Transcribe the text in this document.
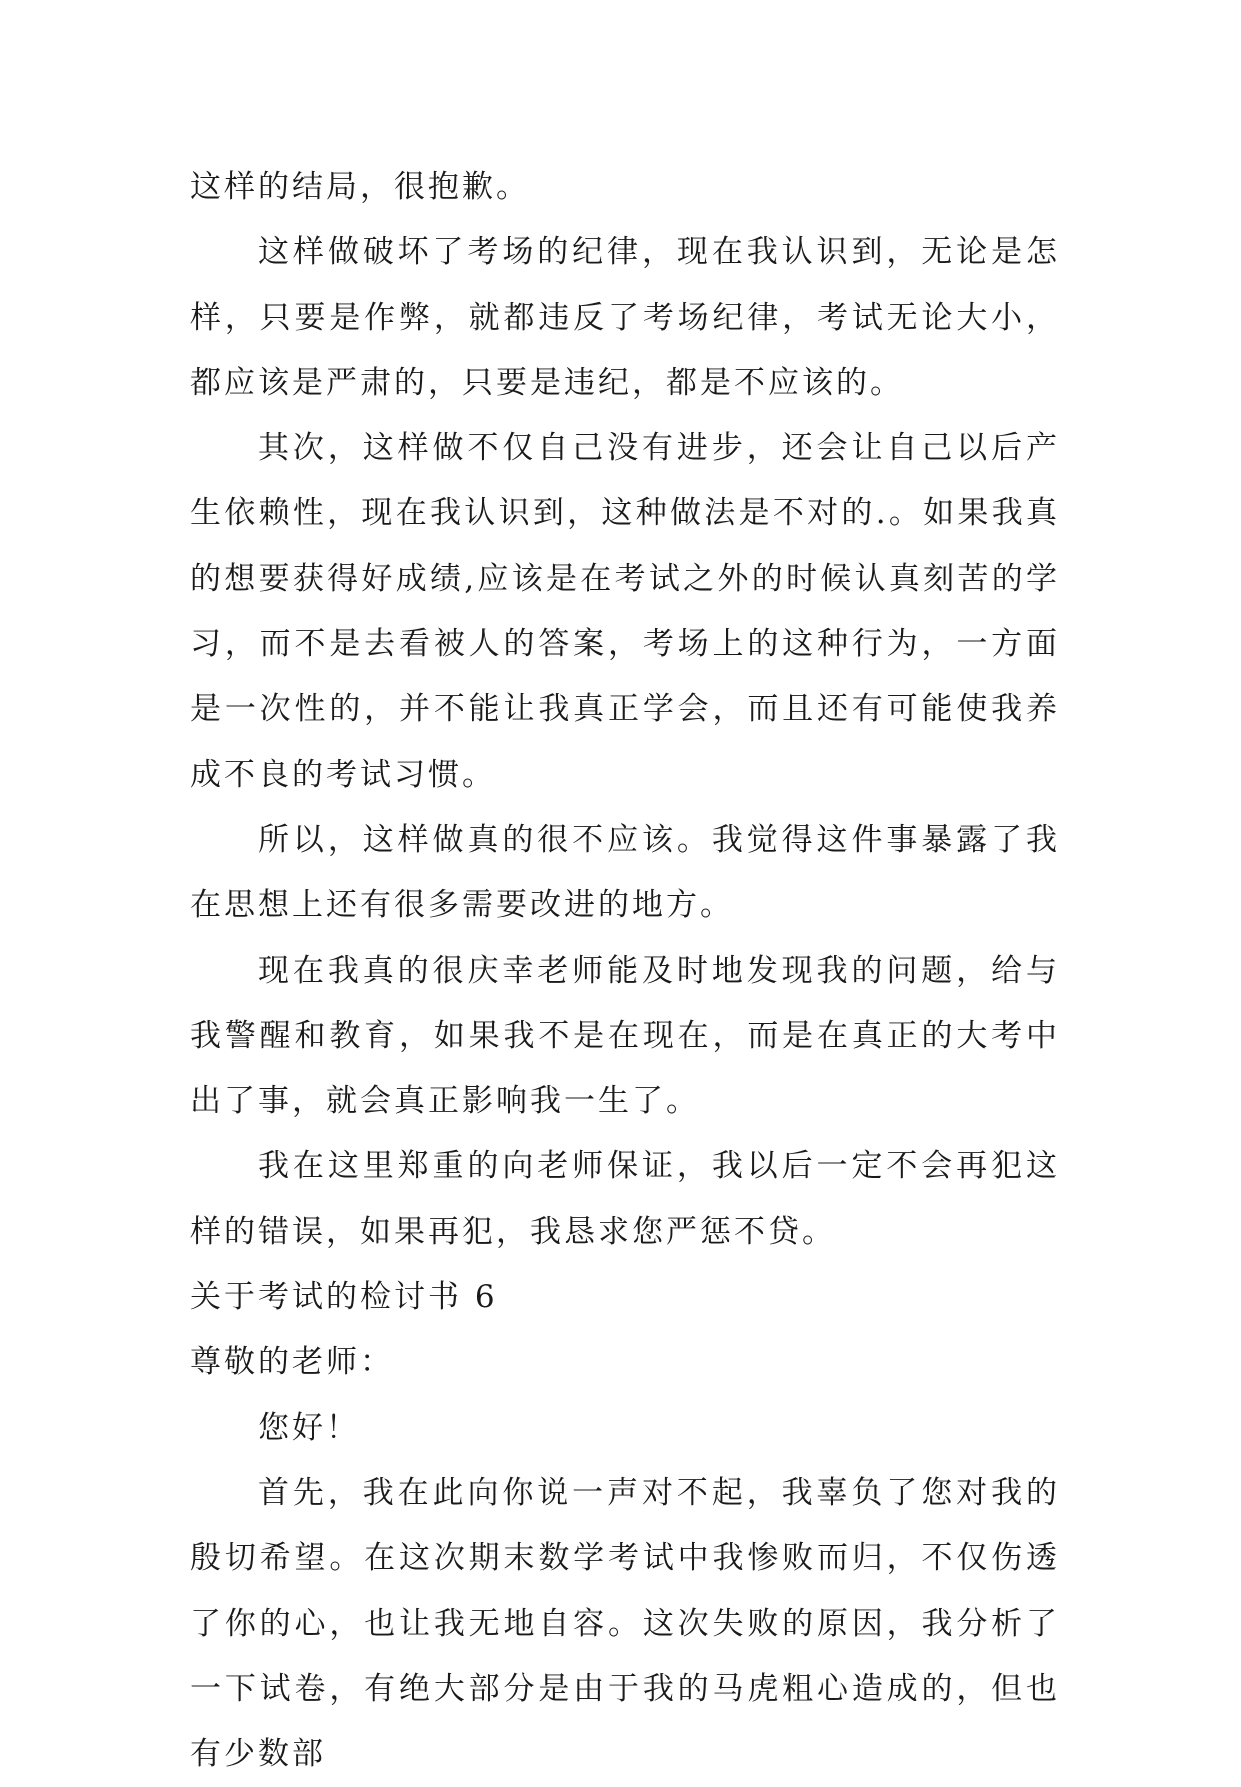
这样的结局，很抱歉。

这样做破坏了考场的纪律，现在我认识到，无论是怎样，只要是作弊，就都违反了考场纪律，考试无论大小，都应该是严肃的，只要是违纪，都是不应该的。

其次，这样做不仅自己没有进步，还会让自己以后产生依赖性，现在我认识到，这种做法是不对的.。如果我真的想要获得好成绩,应该是在考试之外的时候认真刻苦的学习，而不是去看被人的答案，考场上的这种行为，一方面是一次性的，并不能让我真正学会，而且还有可能使我养成不良的考试习惯。

所以，这样做真的很不应该。我觉得这件事暴露了我在思想上还有很多需要改进的地方。

现在我真的很庆幸老师能及时地发现我的问题，给与我警醒和教育，如果我不是在现在，而是在真正的大考中出了事，就会真正影响我一生了。

我在这里郑重的向老师保证，我以后一定不会再犯这样的错误，如果再犯，我恳求您严惩不贷。

关于考试的检讨书 6

尊敬的老师：

您好！

首先，我在此向你说一声对不起，我辜负了您对我的殷切希望。在这次期末数学考试中我惨败而归，不仅伤透了你的心，也让我无地自容。这次失败的原因，我分析了一下试卷，有绝大部分是由于我的马虎粗心造成的，但也有少数部
